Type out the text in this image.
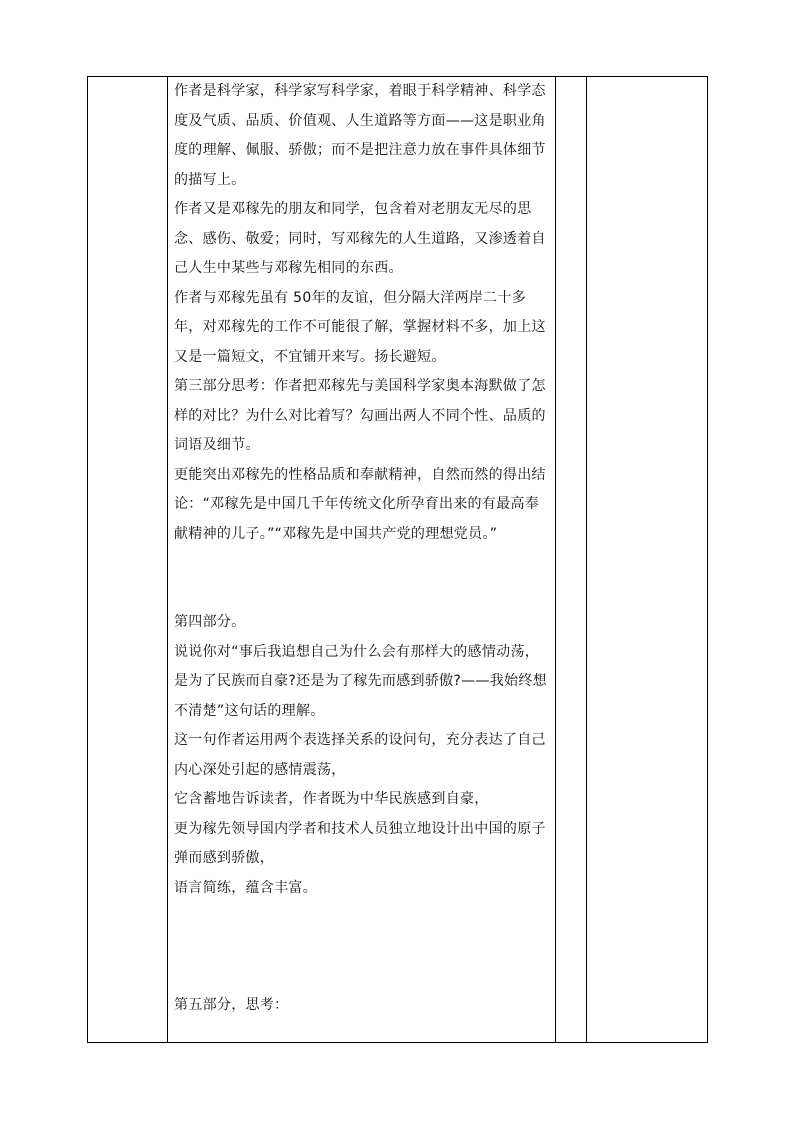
作者是科学家，科学家写科学家，着眼于科学精神、科学态度及气质、品质、价值观、人生道路等方面——这是职业角度的理解、佩服、骄傲；而不是把注意力放在事件具体细节的描写上。

作者又是邓稼先的朋友和同学，包含着对老朋友无尽的思念、感伤、敬爱；同时，写邓稼先的人生道路，又渗透着自己人生中某些与邓稼先相同的东西。

作者与邓稼先虽有 50年的友谊，但分隔大洋两岸二十多年，对邓稼先的工作不可能很了解，掌握材料不多，加上这又是一篇短文，不宜铺开来写。扬长避短。

第三部分思考：作者把邓稼先与美国科学家奥本海默做了怎样的对比？为什么对比着写？勾画出两人不同个性、品质的词语及细节。

更能突出邓稼先的性格品质和奉献精神，自然而然的得出结论：“邓稼先是中国几千年传统文化所孕育出来的有最高奉献精神的儿子。”“邓稼先是中国共产党的理想党员。”

第四部分。

说说你对“事后我追想自己为什么会有那样大的感情动荡，是为了民族而自豪?还是为了稼先而感到骄傲?——我始终想不清楚”这句话的理解。

这一句作者运用两个表选择关系的设问句，充分表达了自己内心深处引起的感情震荡，

它含蓄地告诉读者，作者既为中华民族感到自豪，

更为稼先领导国内学者和技术人员独立地设计出中国的原子弹而感到骄傲，

语言简练，蕴含丰富。

第五部分，思考：
